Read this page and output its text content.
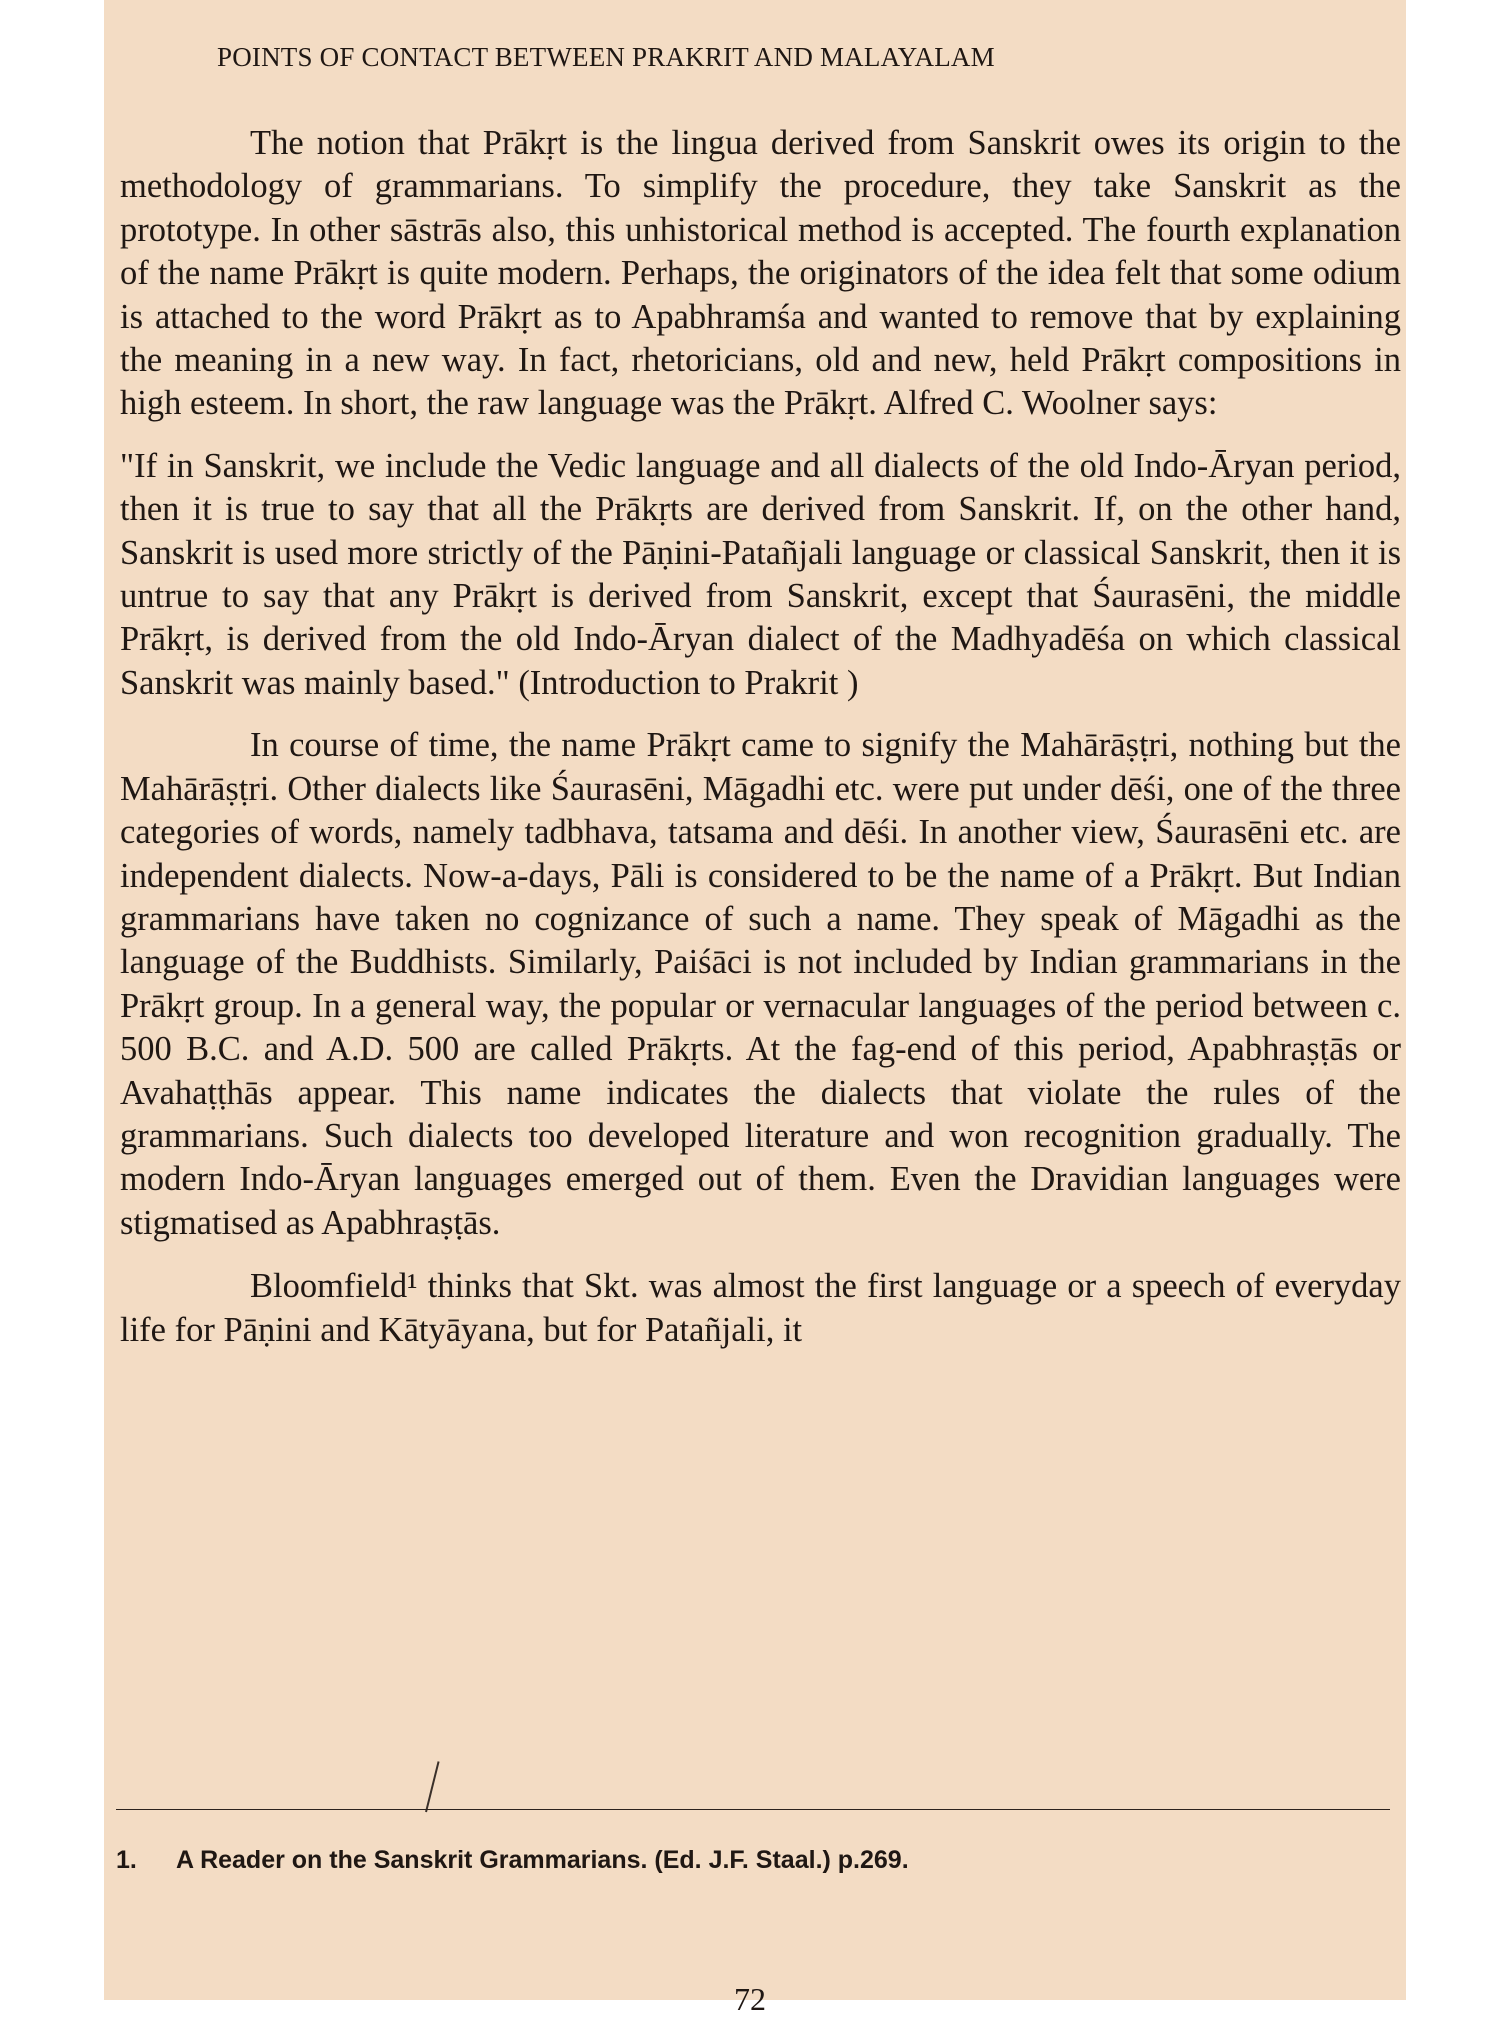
POINTS OF CONTACT BETWEEN PRAKRIT AND MALAYALAM

The notion that Prākṛt is the lingua derived from Sanskrit owes its origin to the methodology of grammarians. To simplify the procedure, they take Sanskrit as the prototype. In other sāstrās also, this unhistorical method is accepted. The fourth explanation of the name Prākṛt is quite modern. Perhaps, the originators of the idea felt that some odium is attached to the word Prākṛt as to Apabhramśa and wanted to remove that by explaining the meaning in a new way. In fact, rhetoricians, old and new, held Prākṛt compositions in high esteem. In short, the raw language was the Prākṛt. Alfred C. Woolner says:

"If in Sanskrit, we include the Vedic language and all dialects of the old Indo-Āryan period, then it is true to say that all the Prākṛts are derived from Sanskrit. If, on the other hand, Sanskrit is used more strictly of the Pāṇini-Patañjali language or classical Sanskrit, then it is untrue to say that any Prākṛt is derived from Sanskrit, except that Śaurasēni, the middle Prākṛt, is derived from the old Indo-Āryan dialect of the Madhyadēśa on which classical Sanskrit was mainly based." (Introduction to Prakrit )

In course of time, the name Prākṛt came to signify the Mahārāṣṭri, nothing but the Mahārāṣṭri. Other dialects like Śaurasēni, Māgadhi etc. were put under dēśi, one of the three categories of words, namely tadbhava, tatsama and dēśi. In another view, Śaurasēni etc. are independent dialects. Now-a-days, Pāli is considered to be the name of a Prākṛt. But Indian grammarians have taken no cognizance of such a name. They speak of Māgadhi as the language of the Buddhists. Similarly, Paiśāci is not included by Indian grammarians in the Prākṛt group. In a general way, the popular or vernacular languages of the period between c. 500 B.C. and A.D. 500 are called Prākṛts. At the fag-end of this period, Apabhraṣṭās or Avahaṭṭhās appear. This name indicates the dialects that violate the rules of the grammarians. Such dialects too developed literature and won recognition gradually. The modern Indo-Āryan languages emerged out of them. Even the Dravidian languages were stigmatised as Apabhraṣṭās.

Bloomfield¹ thinks that Skt. was almost the first language or a speech of everyday life for Pāṇini and Kātyāyana, but for Patañjali, it

1. A Reader on the Sanskrit Grammarians. (Ed. J.F. Staal.) p.269.
72
